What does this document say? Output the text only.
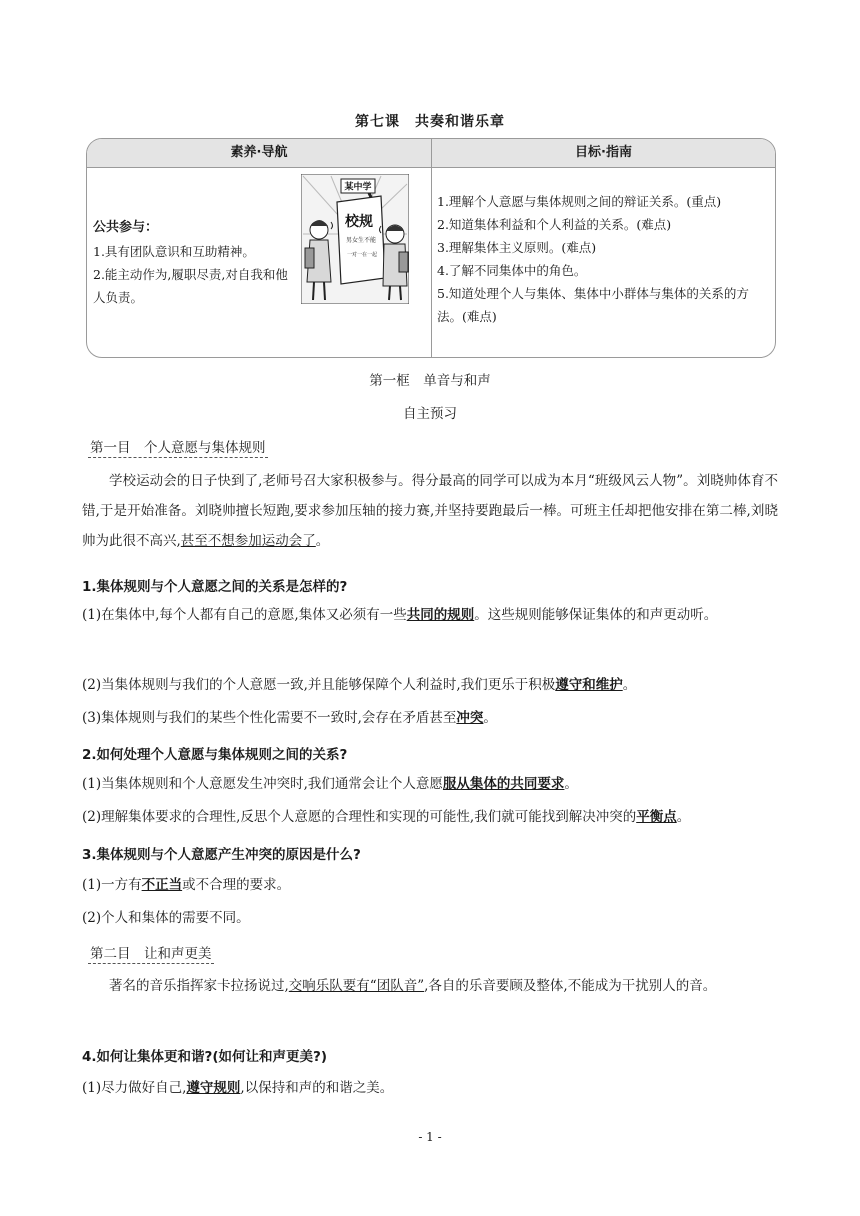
第七课　共奏和谐乐章
素养·导航	目标·指南
公共参与：
1.具有团队意识和互助精神。
2.能主动作为,履职尽责,对自我和他人负责。
某中学
校规
男女生不能
一对一在一起
1.理解个人意愿与集体规则之间的辩证关系。(重点)
2.知道集体利益和个人利益的关系。(难点)
3.理解集体主义原则。(难点)
4.了解不同集体中的角色。
5.知道处理个人与集体、集体中小群体与集体的关系的方法。(难点)
第一框　单音与和声
自主预习
第一目　个人意愿与集体规则
学校运动会的日子快到了,老师号召大家积极参与。得分最高的同学可以成为本月“班级风云人物”。刘晓帅体育不错,于是开始准备。刘晓帅擅长短跑,要求参加压轴的接力赛,并坚持要跑最后一棒。可班主任却把他安排在第二棒,刘晓帅为此很不高兴,甚至不想参加运动会了。
1.集体规则与个人意愿之间的关系是怎样的?
(1)在集体中,每个人都有自己的意愿,集体又必须有一些共同的规则。这些规则能够保证集体的和声更动听。
(2)当集体规则与我们的个人意愿一致,并且能够保障个人利益时,我们更乐于积极遵守和维护。
(3)集体规则与我们的某些个性化需要不一致时,会存在矛盾甚至冲突。
2.如何处理个人意愿与集体规则之间的关系?
(1)当集体规则和个人意愿发生冲突时,我们通常会让个人意愿服从集体的共同要求。
(2)理解集体要求的合理性,反思个人意愿的合理性和实现的可能性,我们就可能找到解决冲突的平衡点。
3.集体规则与个人意愿产生冲突的原因是什么?
(1)一方有不正当或不合理的要求。
(2)个人和集体的需要不同。
第二目　让和声更美
著名的音乐指挥家卡拉扬说过,交响乐队要有“团队音”,各自的乐音要顾及整体,不能成为干扰别人的音。
4.如何让集体更和谐?(如何让和声更美?)
(1)尽力做好自己,遵守规则,以保持和声的和谐之美。
- 1 -
